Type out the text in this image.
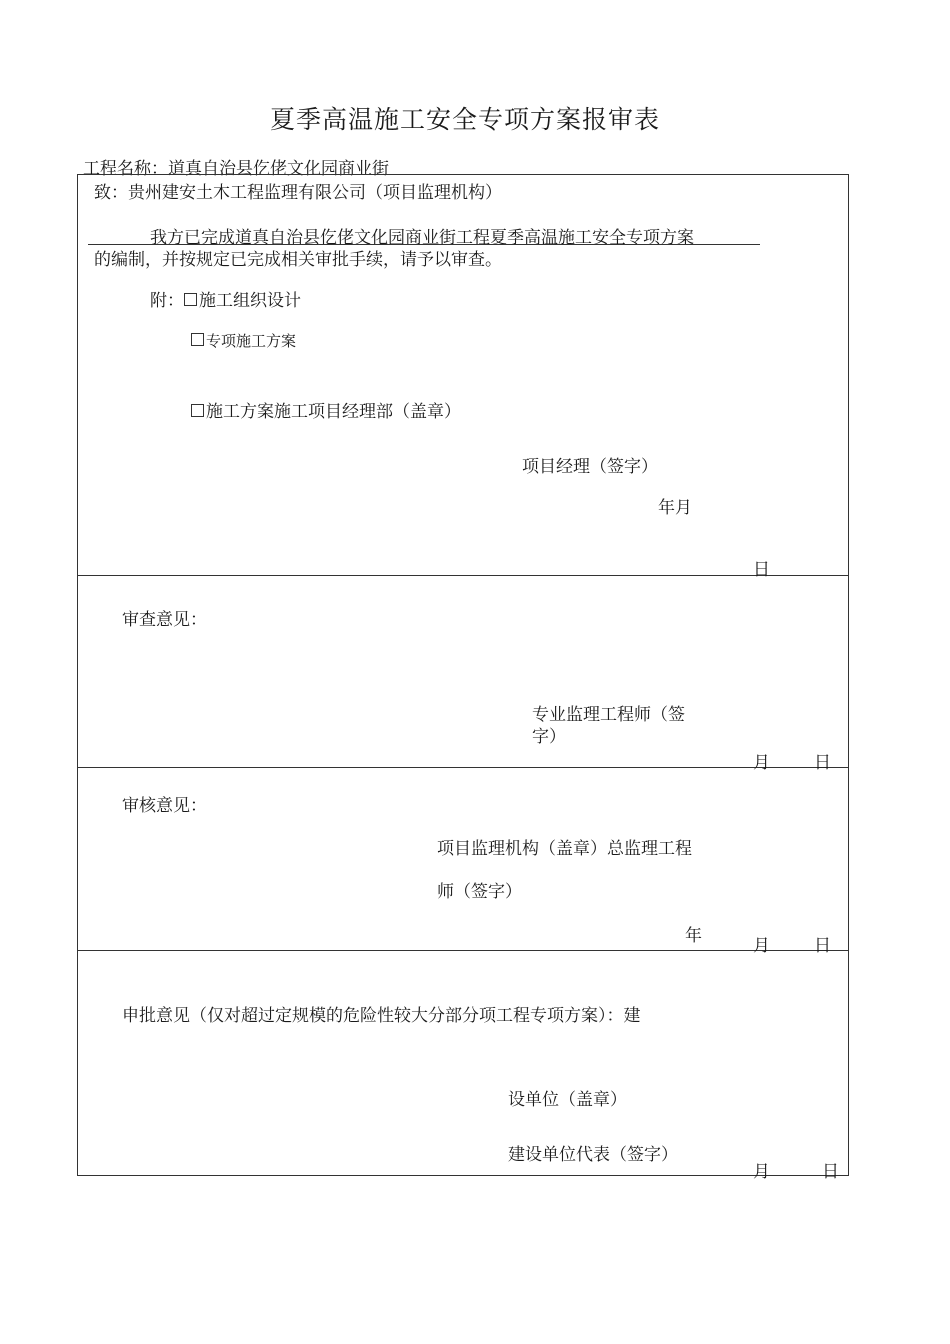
夏季高温施工安全专项方案报审表
工程名称：道真自治县仡佬文化园商业街
致：贵州建安土木工程监理有限公司（项目监理机构）
我方已完成道真自治县仡佬文化园商业街工程夏季高温施工安全专项方案
的编制，并按规定已完成相关审批手续，请予以审查。
附： 施工组织设计
专项施工方案
施工方案施工项目经理部（盖章）
项目经理（签字）
年月
日
审查意见：
专业监理工程师（签
字）
月	日
审核意见：
项目监理机构（盖章）总监理工程
师（签字）
年	月	日
申批意见（仅对超过定规模的危险性较大分部分项工程专项方案）：建
设单位（盖章）
建设单位代表（签字）
月	日
